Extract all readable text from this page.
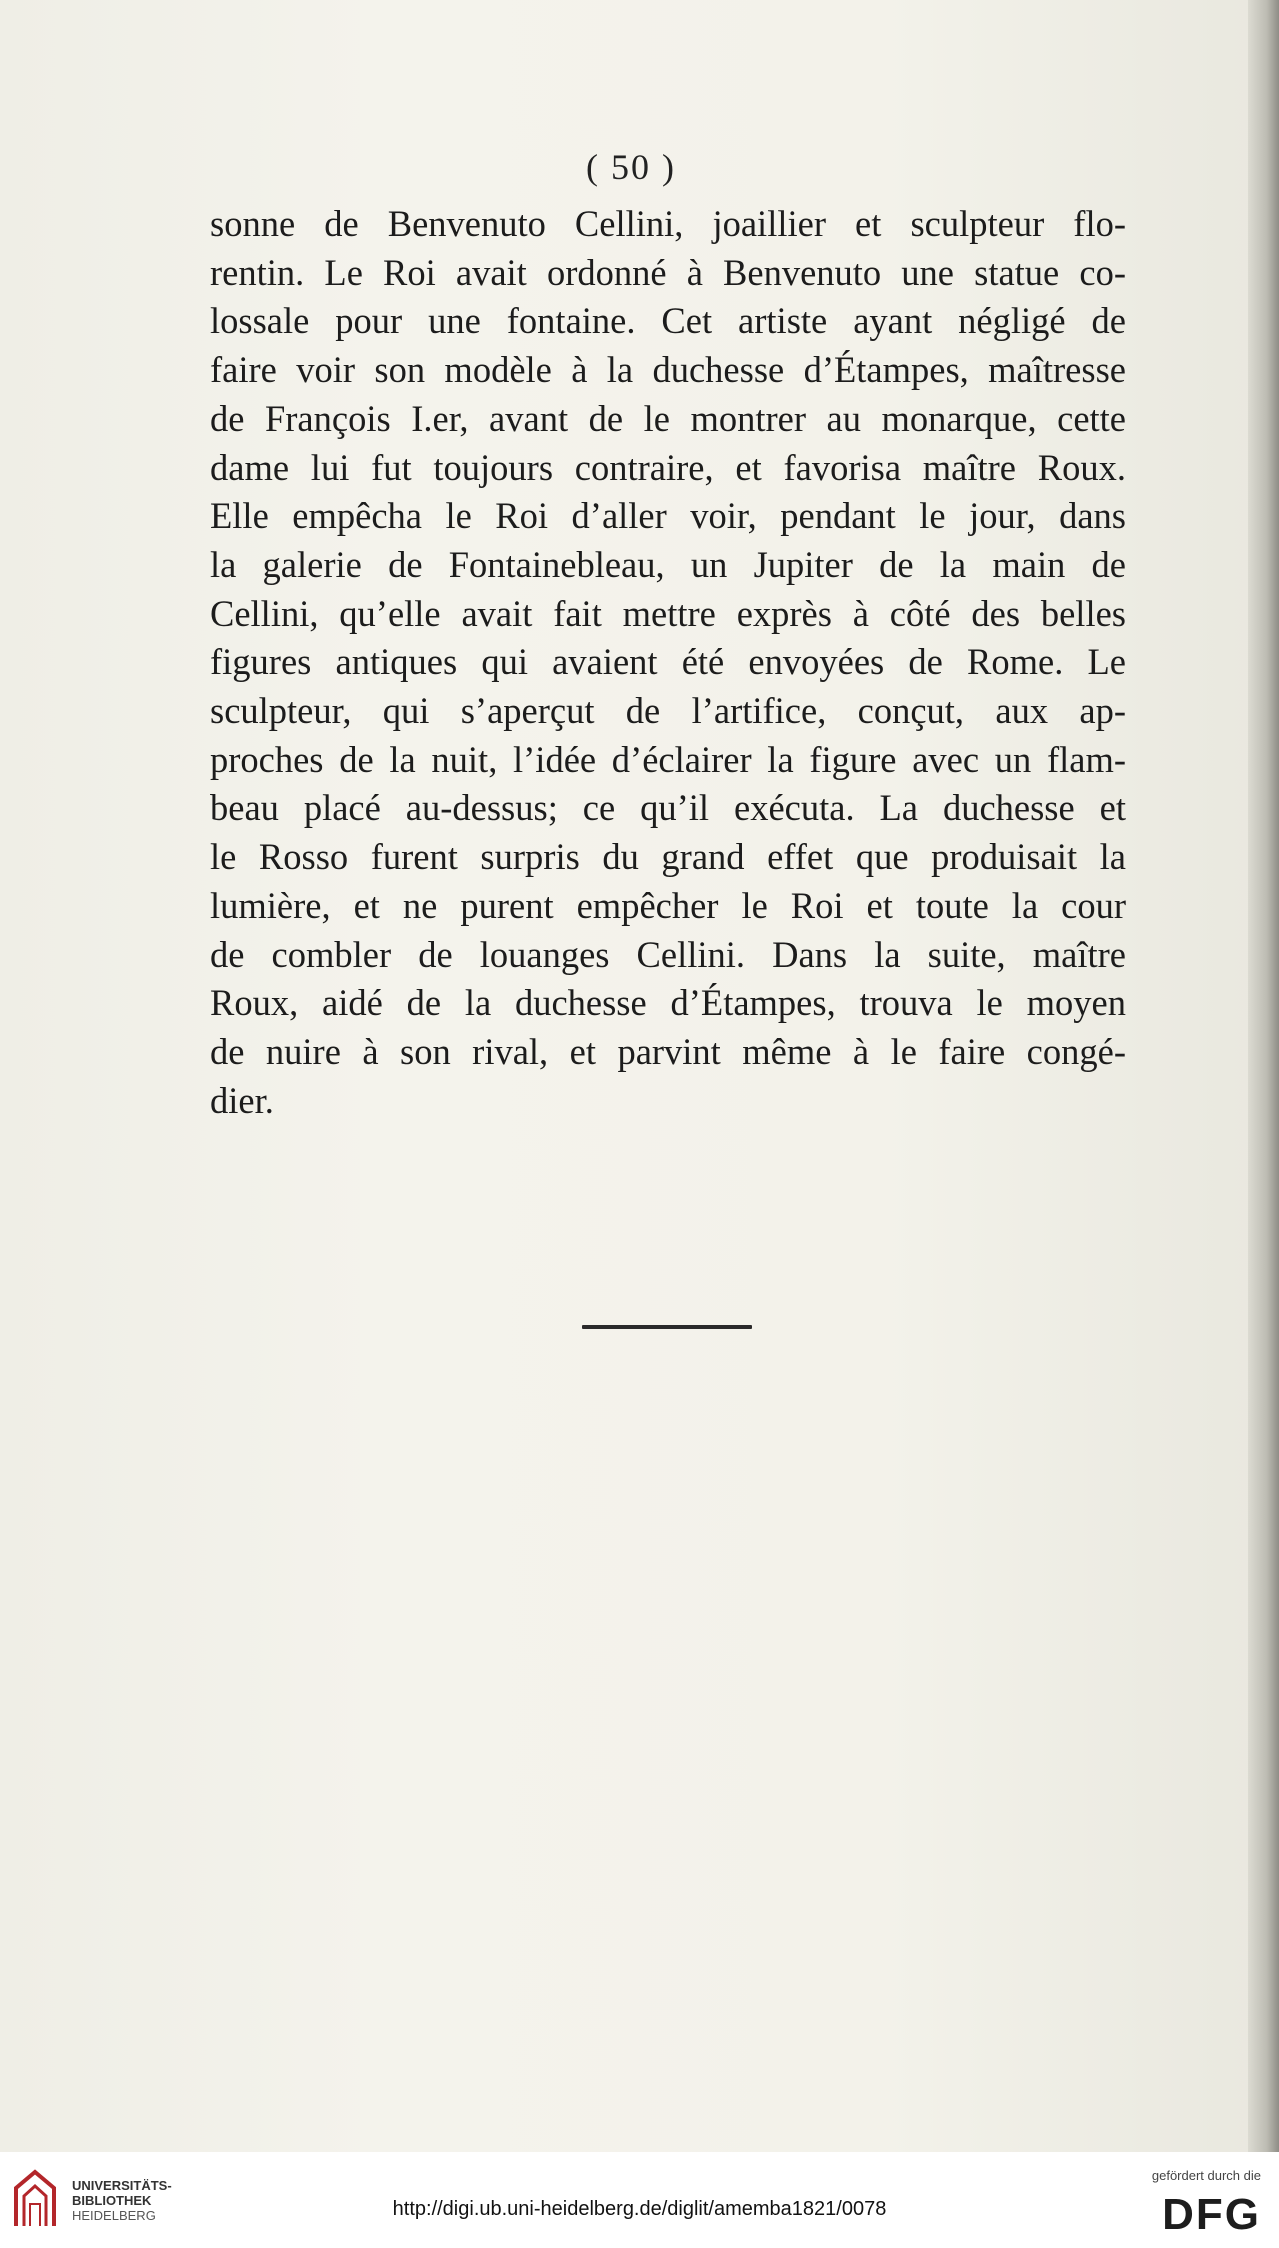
( 50 )
sonne de Benvenuto Cellini, joaillier et sculpteur flo-
rentin. Le Roi avait ordonné à Benvenuto une statue co-
lossale pour une fontaine. Cet artiste ayant négligé de
faire voir son modèle à la duchesse d’Étampes, maîtresse
de François I.er, avant de le montrer au monarque, cette
dame lui fut toujours contraire, et favorisa maître Roux.
Elle empêcha le Roi d’aller voir, pendant le jour, dans
la galerie de Fontainebleau, un Jupiter de la main de
Cellini, qu’elle avait fait mettre exprès à côté des belles
figures antiques qui avaient été envoyées de Rome. Le
sculpteur, qui s’aperçut de l’artifice, conçut, aux ap-
proches de la nuit, l’idée d’éclairer la figure avec un flam-
beau placé au-dessus; ce qu’il exécuta. La duchesse et
le Rosso furent surpris du grand effet que produisait la
lumière, et ne purent empêcher le Roi et toute la cour
de combler de louanges Cellini. Dans la suite, maître
Roux, aidé de la duchesse d’Étampes, trouva le moyen
de nuire à son rival, et parvint même à le faire congé-
dier.
UNIVERSITÄTS-
BIBLIOTHEK
HEIDELBERG	http://digi.ub.uni-heidelberg.de/diglit/amemba1821/0078
gefördert durch die
DFG
